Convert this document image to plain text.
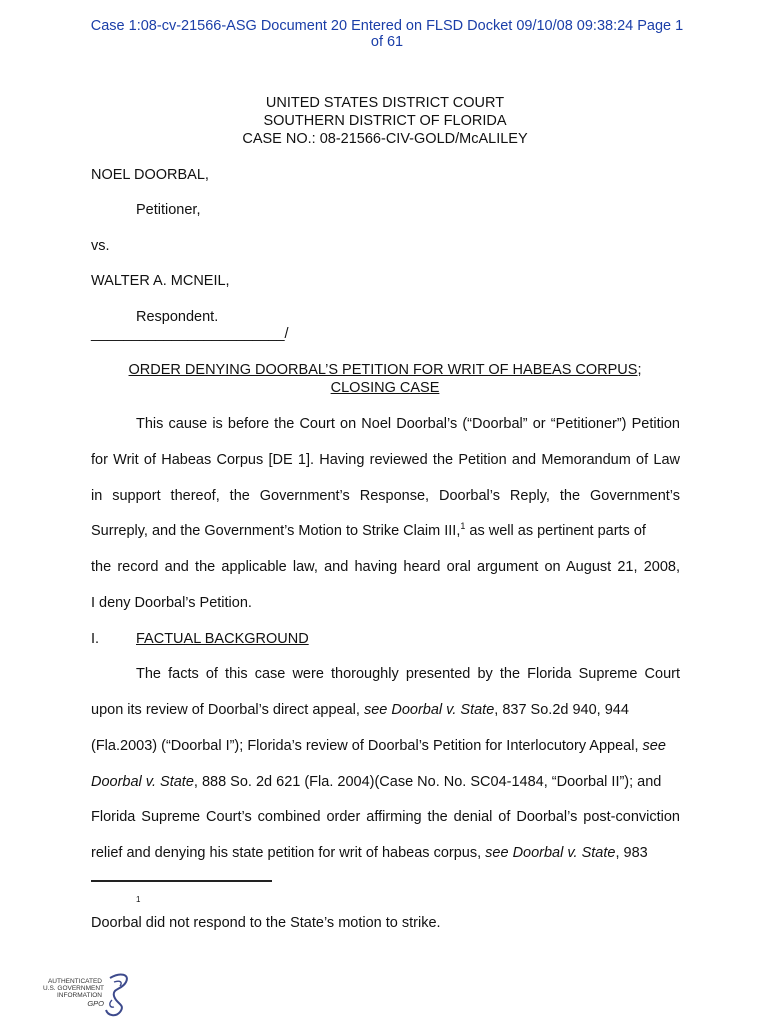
Case 1:08-cv-21566-ASG Document 20 Entered on FLSD Docket 09/10/08 09:38:24 Page 1
of 61
UNITED STATES DISTRICT COURT
SOUTHERN DISTRICT OF FLORIDA
CASE NO.: 08-21566-CIV-GOLD/McALILEY
NOEL DOORBAL,
Petitioner,
vs.
WALTER A. MCNEIL,
Respondent.
________________________/
ORDER DENYING DOORBAL’S PETITION FOR WRIT OF HABEAS CORPUS;
CLOSING CASE
This cause is before the Court on Noel Doorbal’s (“Doorbal” or “Petitioner”) Petition
for Writ of Habeas Corpus [DE 1]. Having reviewed the Petition and Memorandum of Law
in support thereof, the Government’s Response, Doorbal’s Reply, the Government’s
Surreply, and the Government’s Motion to Strike Claim III,$^1$ as well as pertinent parts of
the record and the applicable law, and having heard oral argument on August 21, 2008,
I deny Doorbal’s Petition.
I.	FACTUAL BACKGROUND
The facts of this case were thoroughly presented by the Florida Supreme Court
upon its review of Doorbal’s direct appeal, see Doorbal v. State, 837 So.2d 940, 944
(Fla.2003) (“Doorbal I”); Florida’s review of Doorbal’s Petition for Interlocutory Appeal, see
Doorbal v. State, 888 So. 2d 621 (Fla. 2004)(Case No. No. SC04-1484, “Doorbal II”); and
Florida Supreme Court’s combined order affirming the denial of Doorbal’s post-conviction
relief and denying his state petition for writ of habeas corpus, see Doorbal v. State, 983
1
Doorbal did not respond to the State’s motion to strike.
AUTHENTICATED
U.S. GOVERNMENT
INFORMATION
GPO
